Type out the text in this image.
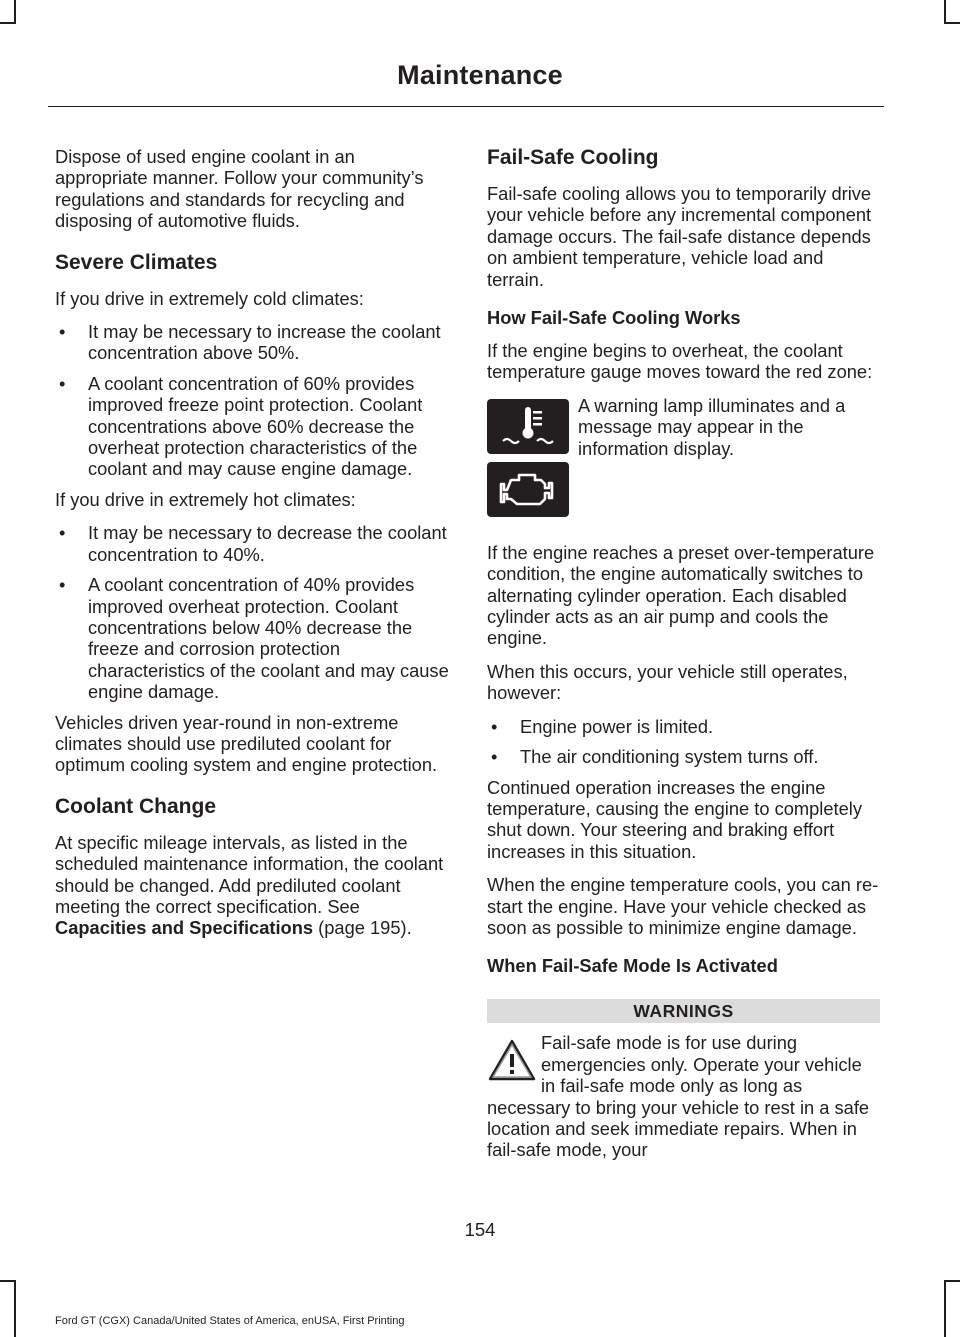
Maintenance

Dispose of used engine coolant in an appropriate manner. Follow your community’s regulations and standards for recycling and disposing of automotive fluids.

Severe Climates

If you drive in extremely cold climates:

• It may be necessary to increase the coolant concentration above 50%.
• A coolant concentration of 60% provides improved freeze point protection. Coolant concentrations above 60% decrease the overheat protection characteristics of the coolant and may cause engine damage.

If you drive in extremely hot climates:

• It may be necessary to decrease the coolant concentration to 40%.
• A coolant concentration of 40% provides improved overheat protection. Coolant concentrations below 40% decrease the freeze and corrosion protection characteristics of the coolant and may cause engine damage.

Vehicles driven year-round in non-extreme climates should use prediluted coolant for optimum cooling system and engine protection.

Coolant Change

At specific mileage intervals, as listed in the scheduled maintenance information, the coolant should be changed. Add prediluted coolant meeting the correct specification. See Capacities and Specifications (page 195).

Fail-Safe Cooling

Fail-safe cooling allows you to temporarily drive your vehicle before any incremental component damage occurs. The fail-safe distance depends on ambient temperature, vehicle load and terrain.

How Fail-Safe Cooling Works

If the engine begins to overheat, the coolant temperature gauge moves toward the red zone:

A warning lamp illuminates and a message may appear in the information display.

If the engine reaches a preset over-temperature condition, the engine automatically switches to alternating cylinder operation. Each disabled cylinder acts as an air pump and cools the engine.

When this occurs, your vehicle still operates, however:

• Engine power is limited.
• The air conditioning system turns off.

Continued operation increases the engine temperature, causing the engine to completely shut down. Your steering and braking effort increases in this situation.

When the engine temperature cools, you can re-start the engine. Have your vehicle checked as soon as possible to minimize engine damage.

When Fail-Safe Mode Is Activated
WARNINGS
Fail-safe mode is for use during emergencies only. Operate your vehicle in fail-safe mode only as long as necessary to bring your vehicle to rest in a safe location and seek immediate repairs. When in fail-safe mode, your
154
Ford GT (CGX) Canada/United States of America, enUSA, First Printing
